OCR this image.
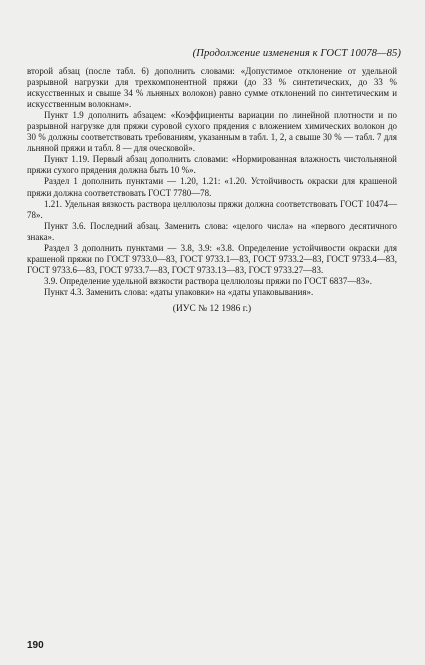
(Продолжение изменения к ГОСТ 10078—85)

второй абзац (после табл. 6) дополнить словами: «Допустимое отклонение от удельной разрывной нагрузки для трехкомпонентной пряжи (до 33 % синтетических, до 33 % искусственных и свыше 34 % льняных волокон) равно сумме отклонений по синтетическим и искусственным волокнам».

Пункт 1.9 дополнить абзацем: «Коэффициенты вариации по линейной плотности и по разрывной нагрузке для пряжи суровой сухого прядения с вложением химических волокон до 30 % должны соответствовать требованиям, указанным в табл. 1, 2, а свыше 30 % — табл. 7 для льняной пряжи и табл. 8 — для оческовой».

Пункт 1.19. Первый абзац дополнить словами: «Нормированная влажность чистольняной пряжи сухого прядения должна быть 10 %».

Раздел 1 дополнить пунктами — 1.20, 1.21: «1.20. Устойчивость окраски для крашеной пряжи должна соответствовать ГОСТ 7780—78.

1.21. Удельная вязкость раствора целлюлозы пряжи должна соответствовать ГОСТ 10474—78».

Пункт 3.6. Последний абзац. Заменить слова: «целого числа» на «первого десятичного знака».

Раздел 3 дополнить пунктами — 3.8, 3.9: «3.8. Определение устойчивости окраски для крашеной пряжи по ГОСТ 9733.0—83, ГОСТ 9733.1—83, ГОСТ 9733.2—83, ГОСТ 9733.4—83, ГОСТ 9733.6—83, ГОСТ 9733.7—83, ГОСТ 9733.13—83, ГОСТ 9733.27—83.

3.9. Определение удельной вязкости раствора целлюлозы пряжи по ГОСТ 6837—83».

Пункт 4.3. Заменить слова: «даты упаковки» на «даты упаковывания».

(ИУС № 12 1986 г.)

190
